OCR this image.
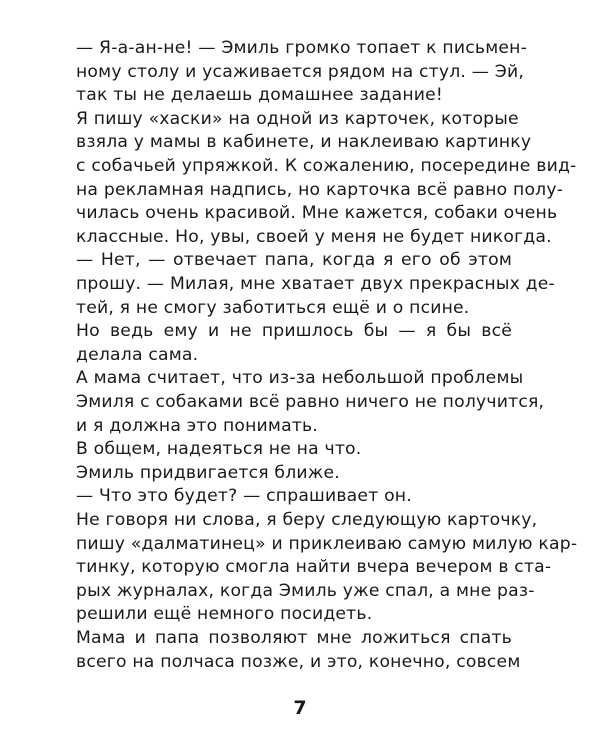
— Я-а-ан-не! — Эмиль громко топает к письмен-
ному столу и усаживается рядом на стул. — Эй,
так ты не делаешь домашнее задание!
Я пишу «хаски» на одной из карточек, которые
взяла у мамы в кабинете, и наклеиваю картинку
с собачьей упряжкой. К сожалению, посередине вид-
на рекламная надпись, но карточка всё равно полу-
чилась очень красивой. Мне кажется, собаки очень
классные. Но, увы, своей у меня не будет никогда.
— Нет, — отвечает папа, когда я его об этом
прошу. — Милая, мне хватает двух прекрасных де-
тей, я не смогу заботиться ещё и о псине.
Но ведь ему и не пришлось бы — я бы всё
делала сама.
А мама считает, что из-за небольшой проблемы
Эмиля с собаками всё равно ничего не получится,
и я должна это понимать.
В общем, надеяться не на что.
Эмиль придвигается ближе.
— Что это будет? — спрашивает он.
Не говоря ни слова, я беру следующую карточку,
пишу «далматинец» и приклеиваю самую милую кар-
тинку, которую смогла найти вчера вечером в ста-
рых журналах, когда Эмиль уже спал, а мне раз-
решили ещё немного посидеть.
Мама и папа позволяют мне ложиться спать
всего на полчаса позже, и это, конечно, совсем
7
